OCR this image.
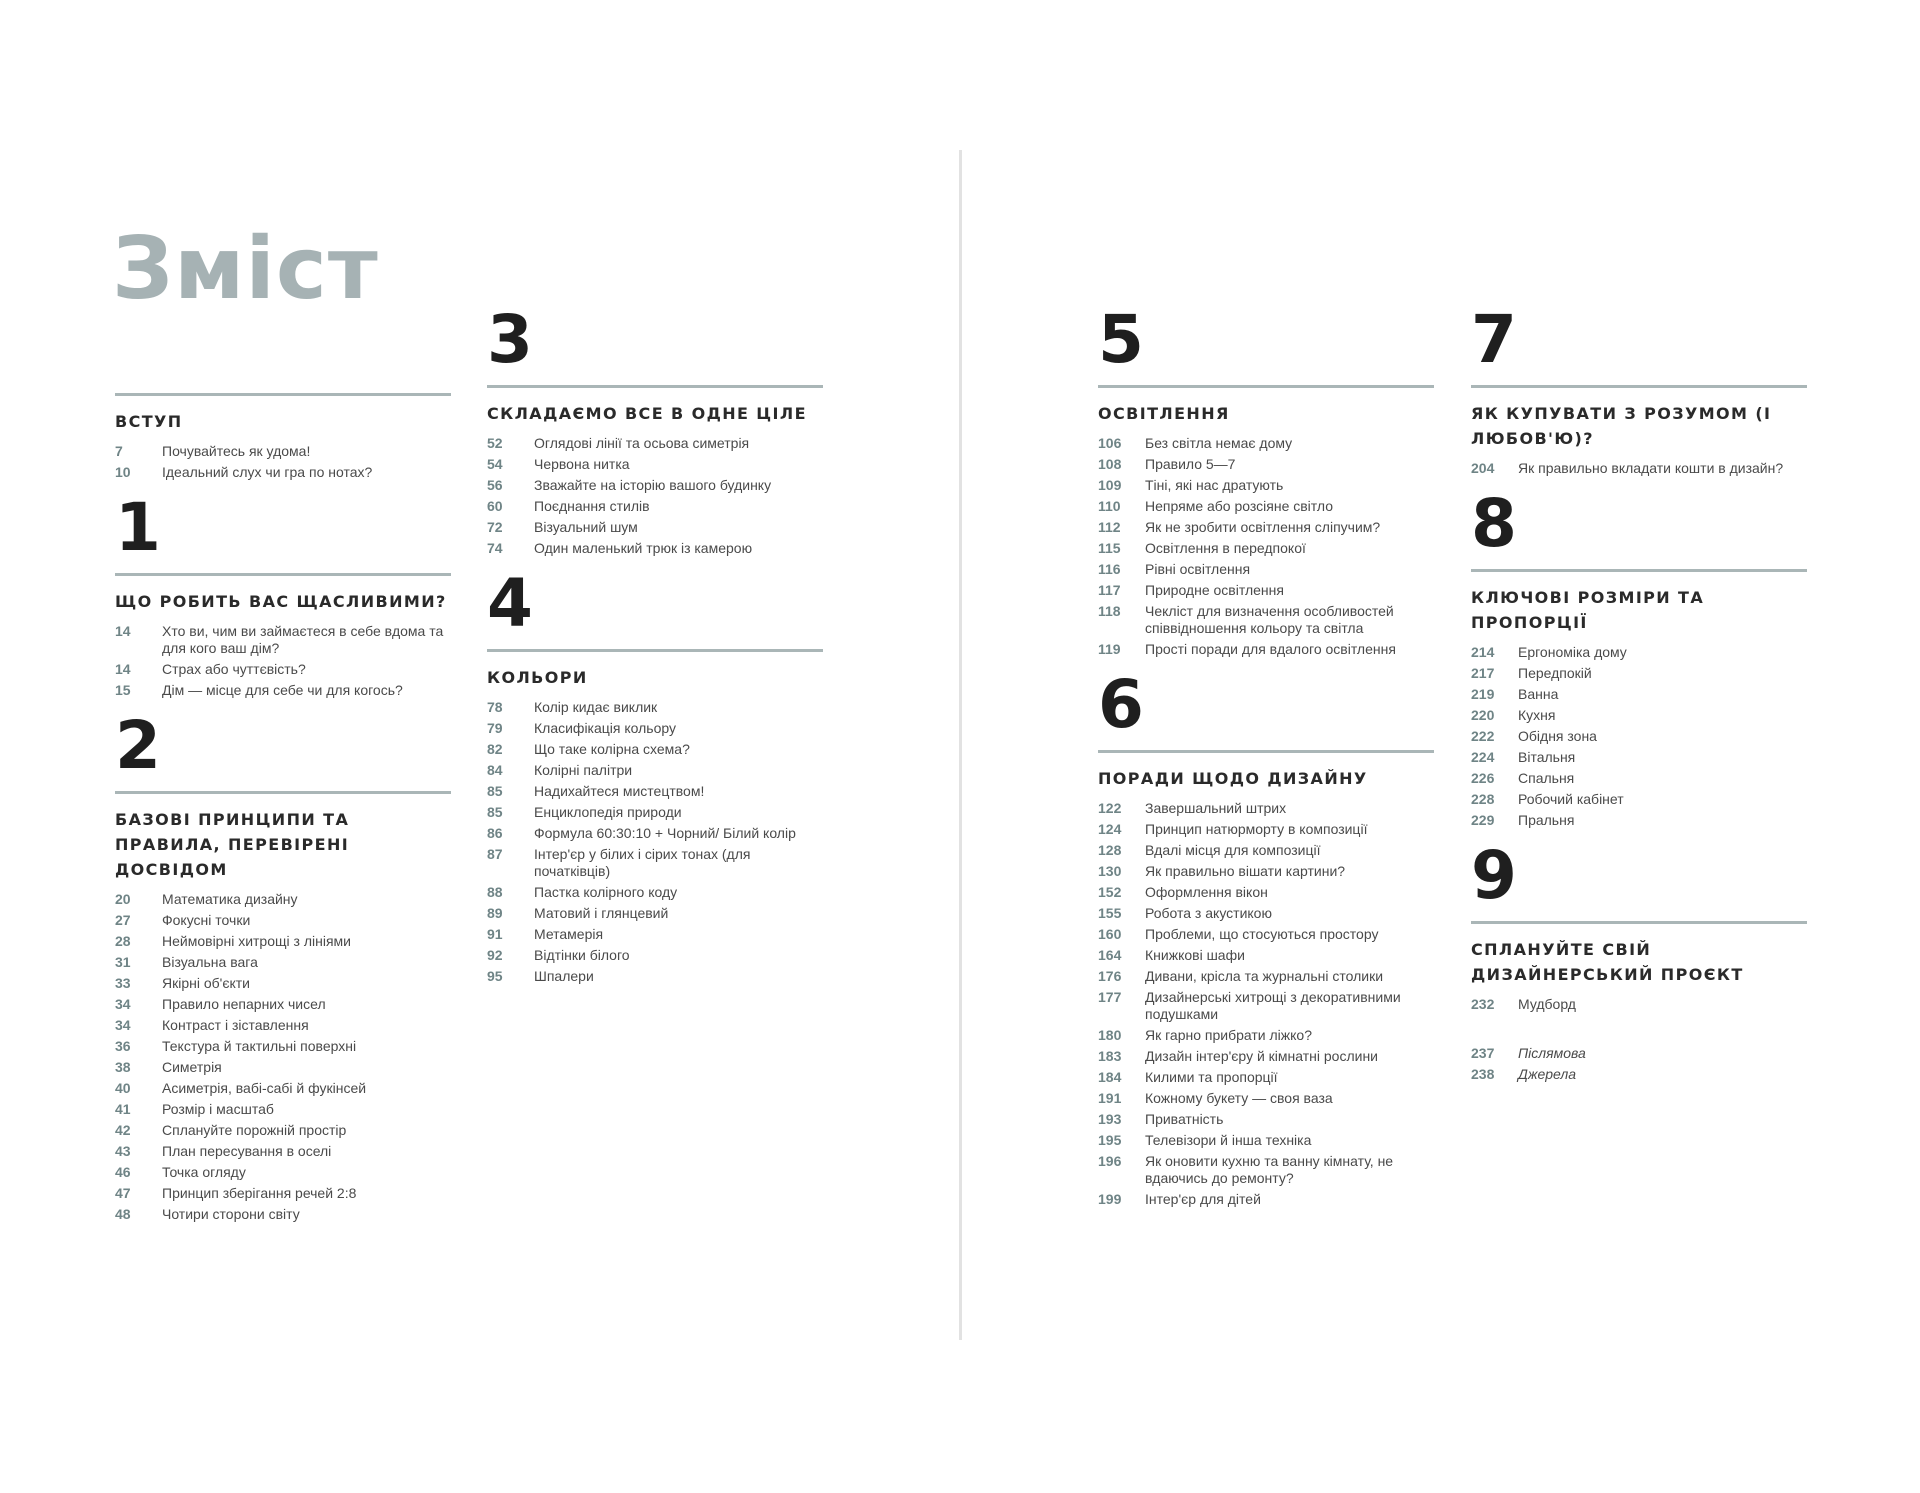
Зміст
ВСТУП
7	Почувайтесь як удома!
10	Ідеальний слух чи гра по нотах?
1
ЩО РОБИТЬ ВАС ЩАСЛИВИМИ?
14	Хто ви, чим ви займаєтеся в себе вдома та для кого ваш дім?
14	Страх або чуттєвість?
15	Дім — місце для себе чи для когось?
2
БАЗОВІ ПРИНЦИПИ ТА ПРАВИЛА, ПЕРЕВІРЕНІ ДОСВІДОМ
20	Математика дизайну
27	Фокусні точки
28	Неймовірні хитрощі з лініями
31	Візуальна вага
33	Якірні об'єкти
34	Правило непарних чисел
34	Контраст і зіставлення
36	Текстура й тактильні поверхні
38	Симетрія
40	Асиметрія, вабі-сабі й фукінсей
41	Розмір і масштаб
42	Сплануйте порожній простір
43	План пересування в оселі
46	Точка огляду
47	Принцип зберігання речей 2:8
48	Чотири сторони світу
3
СКЛАДАЄМО ВСЕ В ОДНЕ ЦІЛЕ
52	Оглядові лінії та осьова симетрія
54	Червона нитка
56	Зважайте на історію вашого будинку
60	Поєднання стилів
72	Візуальний шум
74	Один маленький трюк із камерою
4
КОЛЬОРИ
78	Колір кидає виклик
79	Класифікація кольору
82	Що таке колірна схема?
84	Колірні палітри
85	Надихайтеся мистецтвом!
85	Енциклопедія природи
86	Формула 60:30:10 + Чорний/ Білий колір
87	Інтер'єр у білих і сірих тонах (для початківців)
88	Пастка колірного коду
89	Матовий і глянцевий
91	Метамерія
92	Відтінки білого
95	Шпалери
5
ОСВІТЛЕННЯ
106	Без світла немає дому
108	Правило 5—7
109	Тіні, які нас дратують
110	Непряме або розсіяне світло
112	Як не зробити освітлення сліпучим?
115	Освітлення в передпокої
116	Рівні освітлення
117	Природне освітлення
118	Чекліст для визначення особливостей співвідношення кольору та світла
119	Прості поради для вдалого освітлення
6
ПОРАДИ ЩОДО ДИЗАЙНУ
122	Завершальний штрих
124	Принцип натюрморту в композиції
128	Вдалі місця для композиції
130	Як правильно вішати картини?
152	Оформлення вікон
155	Робота з акустикою
160	Проблеми, що стосуються простору
164	Книжкові шафи
176	Дивани, крісла та журнальні столики
177	Дизайнерські хитрощі з декоративними подушками
180	Як гарно прибрати ліжко?
183	Дизайн інтер'єру й кімнатні рослини
184	Килими та пропорції
191	Кожному букету — своя ваза
193	Приватність
195	Телевізори й інша техніка
196	Як оновити кухню та ванну кімнату, не вдаючись до ремонту?
199	Інтер'єр для дітей
7
ЯК КУПУВАТИ З РОЗУМОМ (І ЛЮБОВ'Ю)?
204	Як правильно вкладати кошти в дизайн?
8
КЛЮЧОВІ РОЗМІРИ ТА ПРОПОРЦІЇ
214	Ергономіка дому
217	Передпокій
219	Ванна
220	Кухня
222	Обідня зона
224	Вітальня
226	Спальня
228	Робочий кабінет
229	Пральня
9
СПЛАНУЙТЕ СВІЙ ДИЗАЙНЕРСЬКИЙ ПРОЄКТ
232	Мудборд
237	Післямова
238	Джерела
